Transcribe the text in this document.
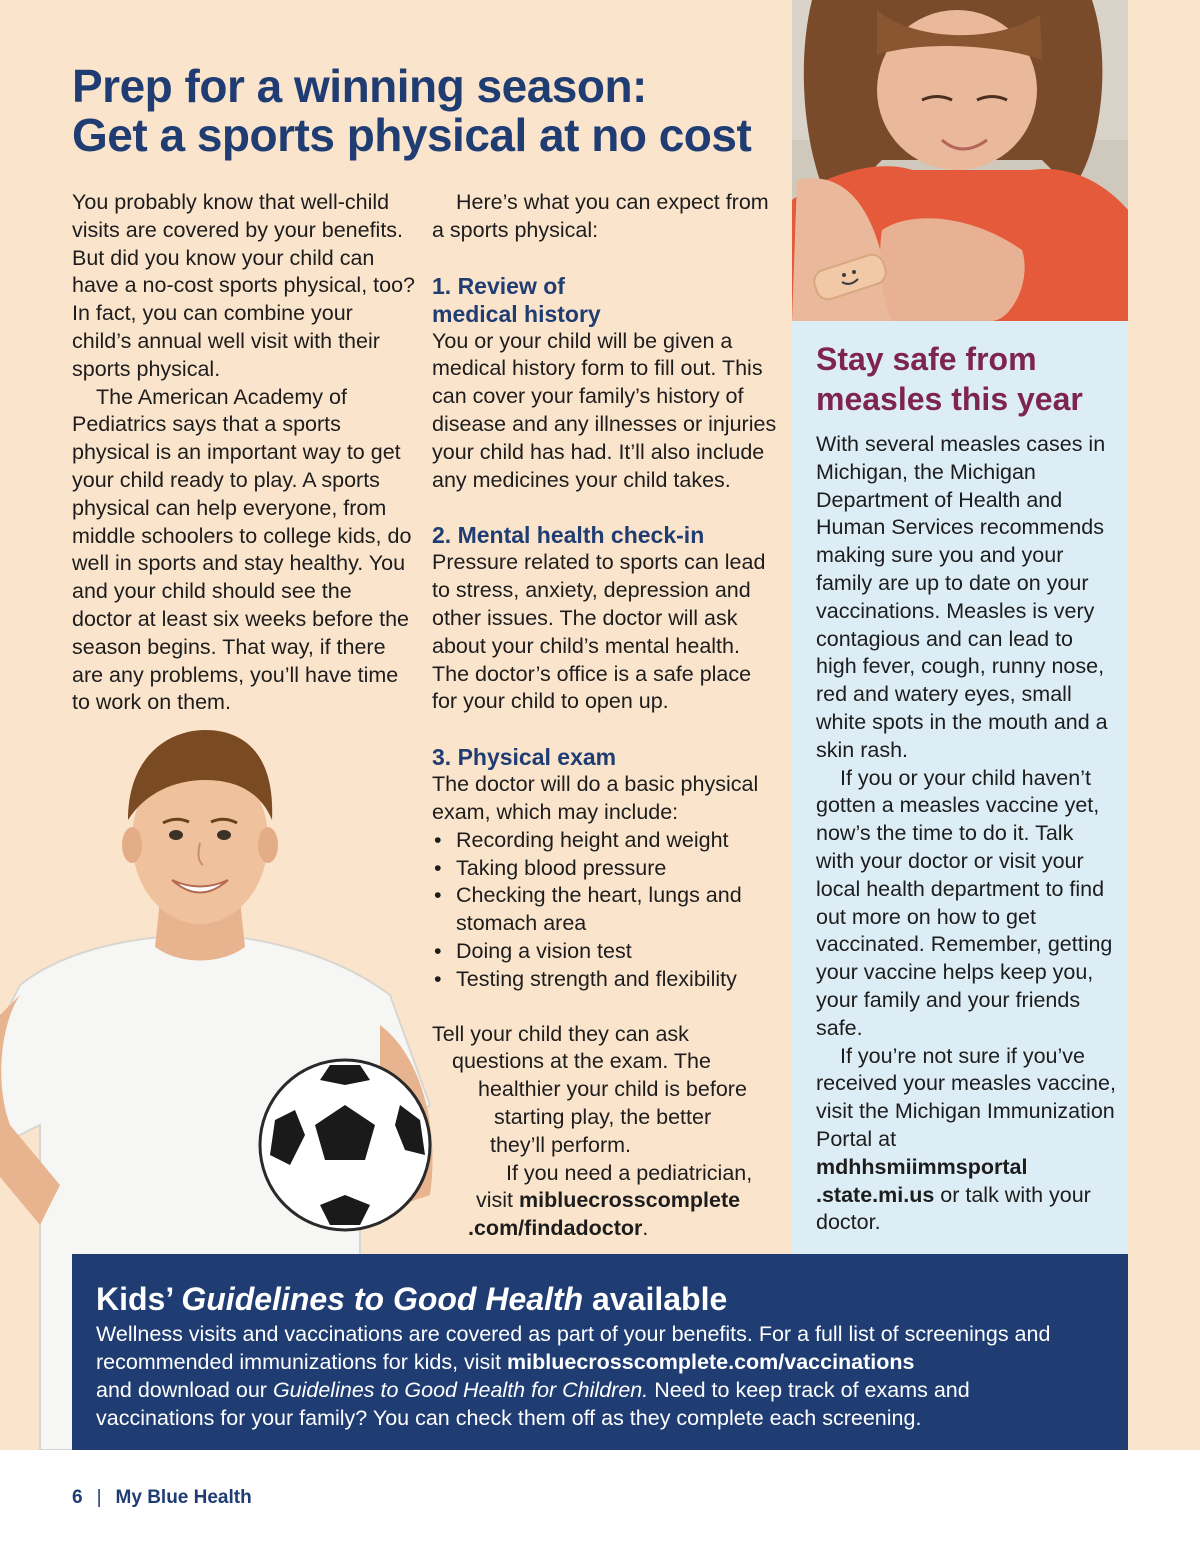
Prep for a winning season:
Get a sports physical at no cost

You probably know that well-child visits are covered by your benefits. But did you know your child can have a no-cost sports physical, too? In fact, you can combine your child’s annual well visit with their sports physical.

The American Academy of Pediatrics says that a sports physical is an important way to get your child ready to play. A sports physical can help everyone, from middle schoolers to college kids, do well in sports and stay healthy. You and your child should see the doctor at least six weeks before the season begins. That way, if there are any problems, you’ll have time to work on them.

Here’s what you can expect from a sports physical:

1. Review of
medical history

You or your child will be given a medical history form to fill out. This can cover your family’s history of disease and any illnesses or injuries your child has had. It’ll also include any medicines your child takes.

2. Mental health check-in

Pressure related to sports can lead to stress, anxiety, depression and other issues. The doctor will ask about your child’s mental health. The doctor’s office is a safe place for your child to open up.

3. Physical exam

The doctor will do a basic physical exam, which may include:

• Recording height and weight
• Taking blood pressure
• Checking the heart, lungs and stomach area
• Doing a vision test
• Testing strength and flexibility
Tell your child they can ask
questions at the exam. The
healthier your child is before
starting play, the better
they’ll perform.
If you need a pediatrician,
visit mibluecrosscomplete
.com/findadoctor.
Stay safe from
measles this year

With several measles cases in Michigan, the Michigan Department of Health and Human Services recommends making sure you and your family are up to date on your vaccinations. Measles is very contagious and can lead to high fever, cough, runny nose, red and watery eyes, small white spots in the mouth and a skin rash.

If you or your child haven’t gotten a measles vaccine yet, now’s the time to do it. Talk with your doctor or visit your local health department to find out more on how to get vaccinated. Remember, getting your vaccine helps keep you, your family and your friends safe.

If you’re not sure if you’ve received your measles vaccine, visit the Michigan Immunization Portal at
mdhhsmiimmsportal
.state.mi.us or talk with your doctor.

Kids’ Guidelines to Good Health available
Wellness visits and vaccinations are covered as part of your benefits. For a full list of screenings and
recommended immunizations for kids, visit mibluecrosscomplete.com/vaccinations
and download our Guidelines to Good Health for Children. Need to keep track of exams and
vaccinations for your family? You can check them off as they complete each screening.
6 | My Blue Health
